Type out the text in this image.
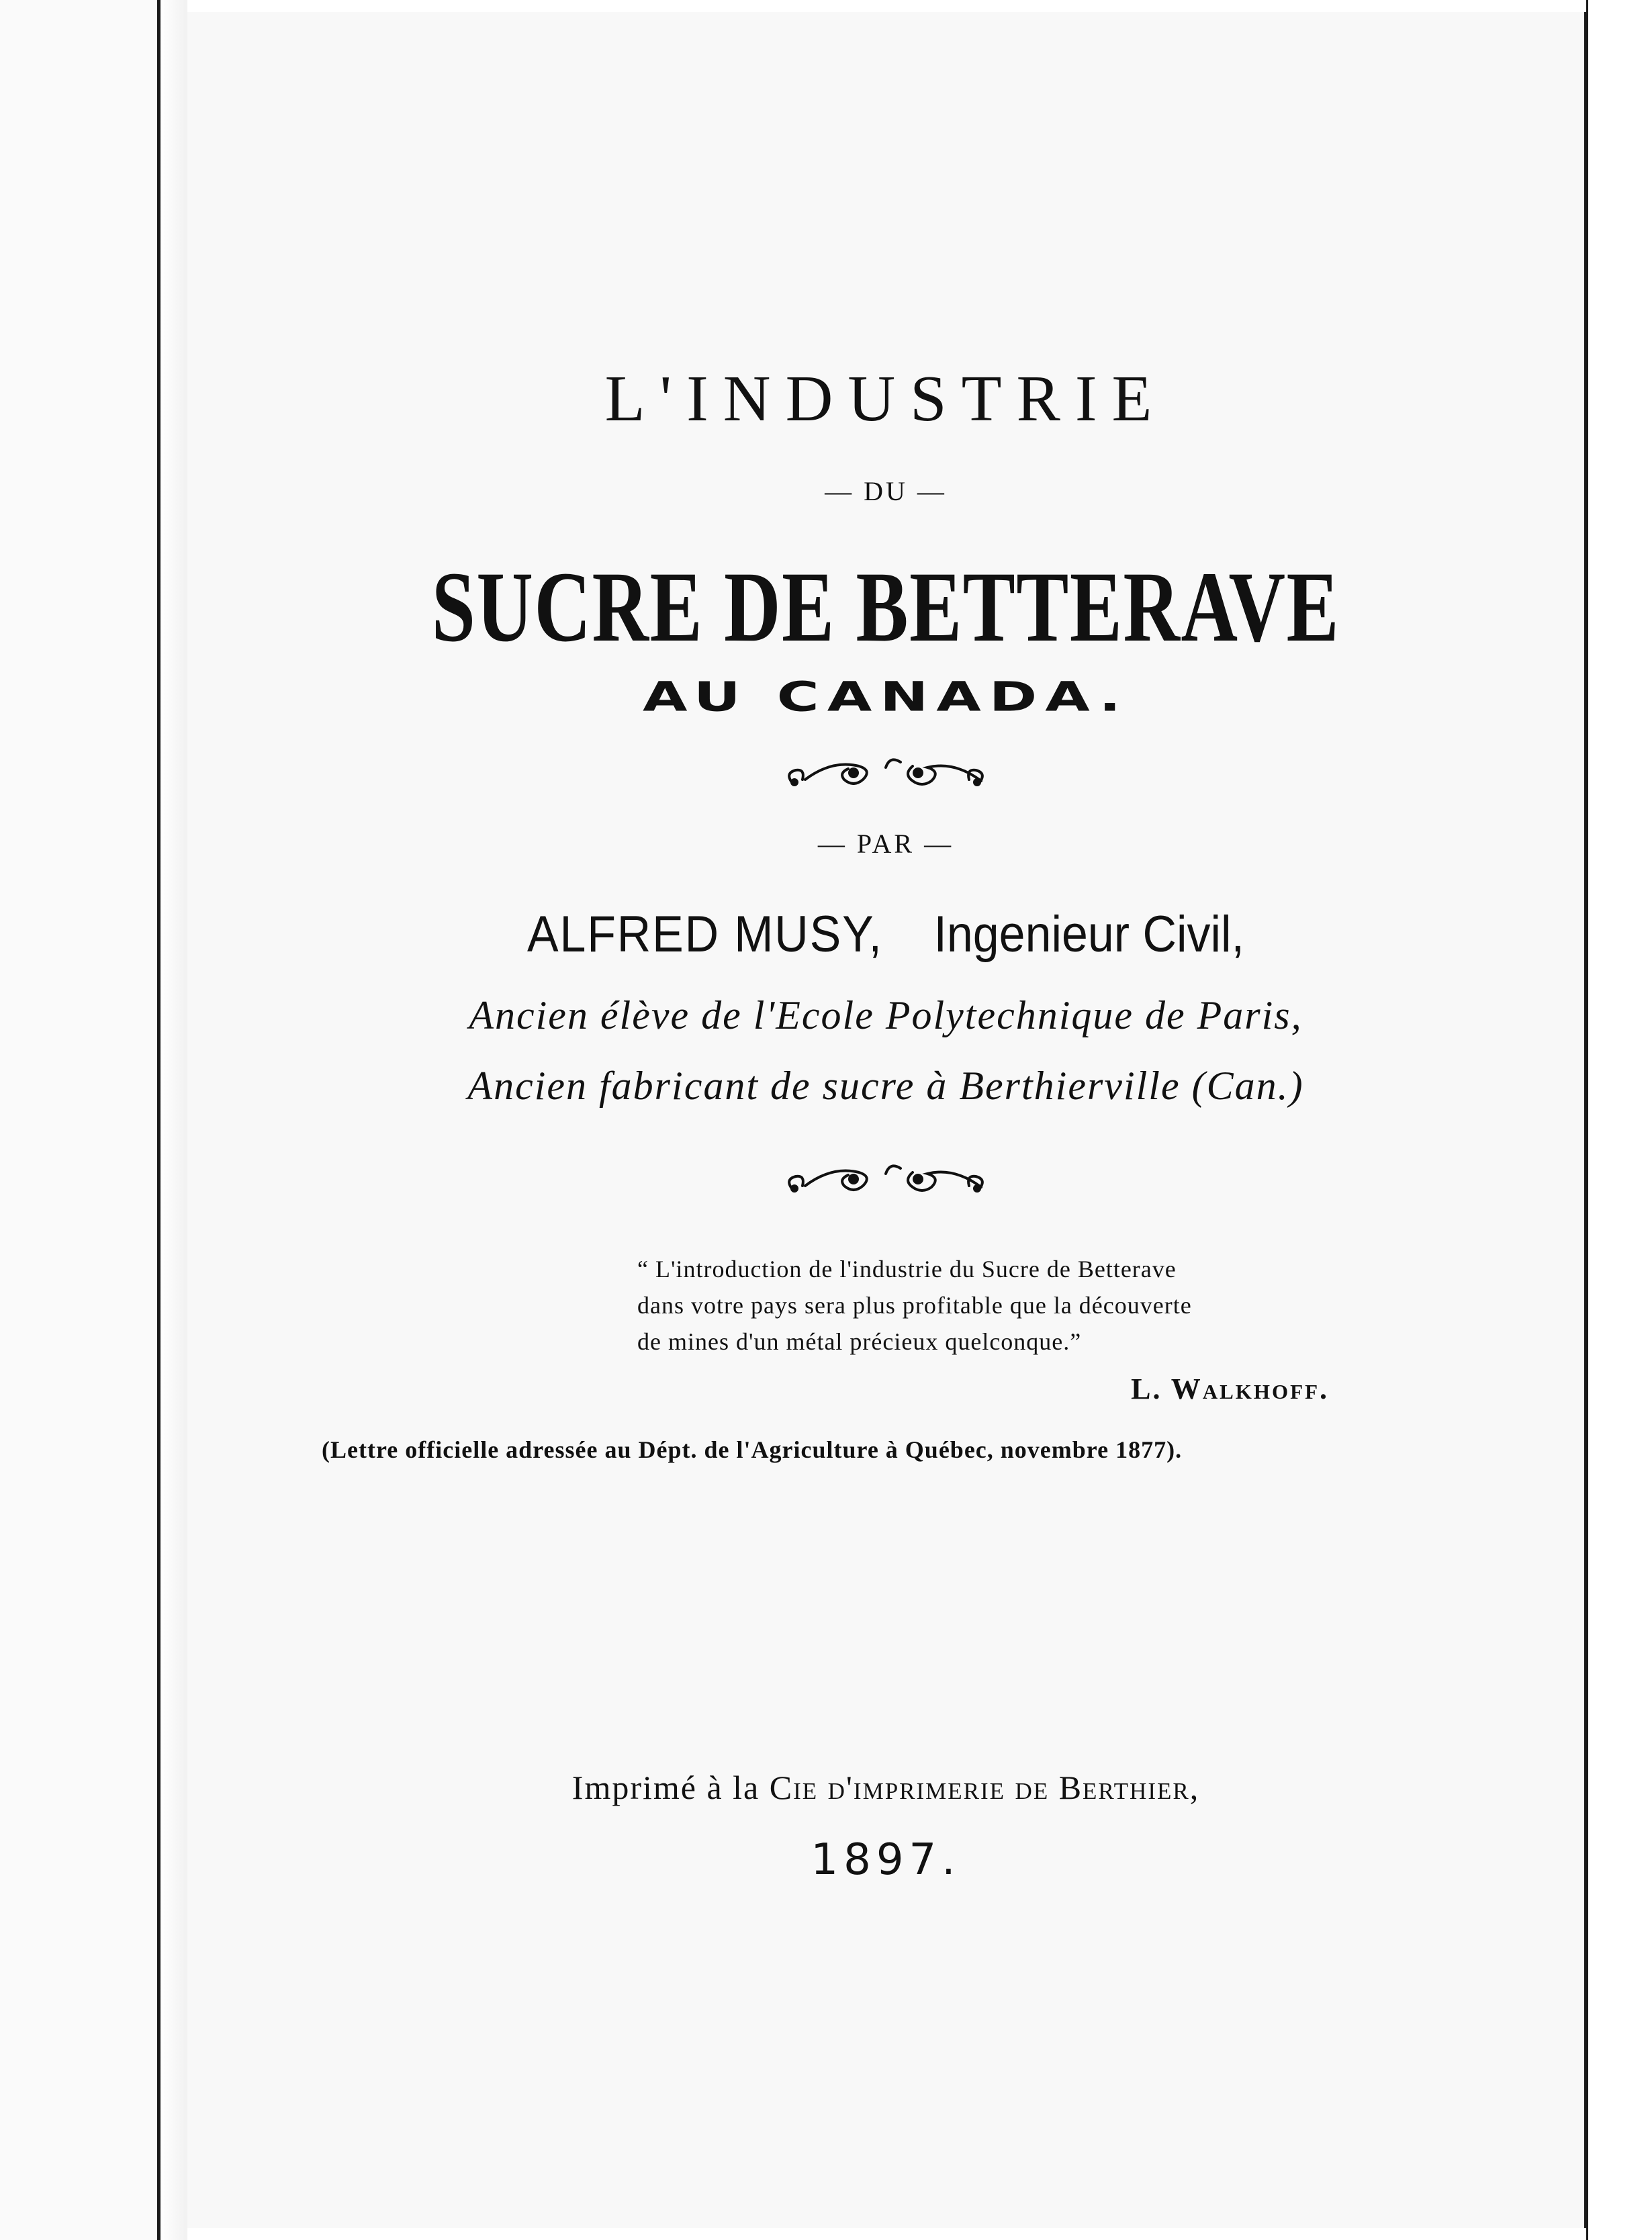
L'INDUSTRIE
— DU —
SUCRE DE BETTERAVE
AU CANADA.
— PAR —
ALFRED MUSY, Ingenieur Civil,
Ancien élève de l'Ecole Polytechnique de Paris,
Ancien fabricant de sucre à Berthierville (Can.)
“ L'introduction de l'industrie du Sucre de Betterave
dans votre pays sera plus profitable que la découverte
de mines d'un métal précieux quelconque.”
L. Walkhoff.
(Lettre officielle adressée au Dépt. de l'Agriculture à Québec, novembre 1877).
Imprimé à la Cie d'imprimerie de Berthier,
1897.
